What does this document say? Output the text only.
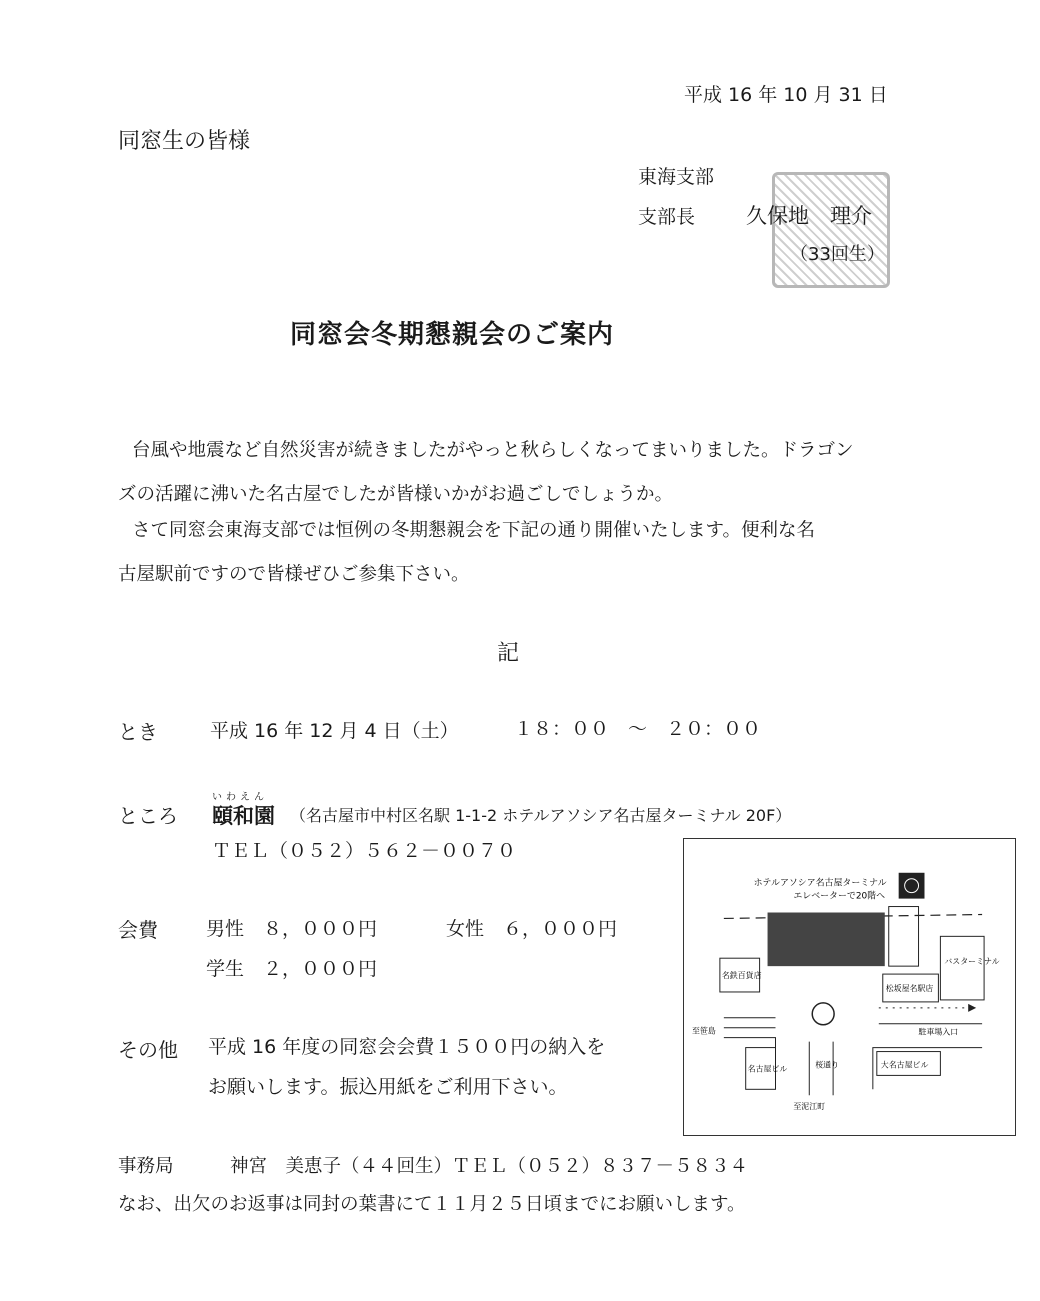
平成 16 年 10 月 31 日
同窓生の皆様
東海支部
支部長 久保地　理介
（33回生）
同窓会冬期懇親会のご案内
台風や地震など自然災害が続きましたがやっと秋らしくなってまいりました。ドラゴン
ズの活躍に沸いた名古屋でしたが皆様いかがお過ごしでしょうか。
さて同窓会東海支部では恒例の冬期懇親会を下記の通り開催いたします。便利な名
古屋駅前ですので皆様ぜひご参集下さい。
記
とき	平成 16 年 12 月 4 日（土）	１８：００　～　２０：００
ところ
いわえん
頤和園 （名古屋市中村区名駅 1-1-2 ホテルアソシア名古屋ターミナル 20F）
ＴＥＬ（０５２）５６２－００７０
会費	男性　８，０００円	女性　６，０００円
学生　２，０００円
その他 平成 16 年度の同窓会会費１５００円の納入を
お願いします。振込用紙をご利用下さい。
ホテルアソシア名古屋ターミナル
エレベーターで20階へ
名鉄百貨店
バスターミナル
松坂屋名駅店
駐車場入口
桜通り
名古屋ビル	大名古屋ビル
至笹島
至泥江町
事務局	神宮　美恵子（４４回生）ＴＥＬ（０５２）８３７－５８３４
なお、出欠のお返事は同封の葉書にて１１月２５日頃までにお願いします。
